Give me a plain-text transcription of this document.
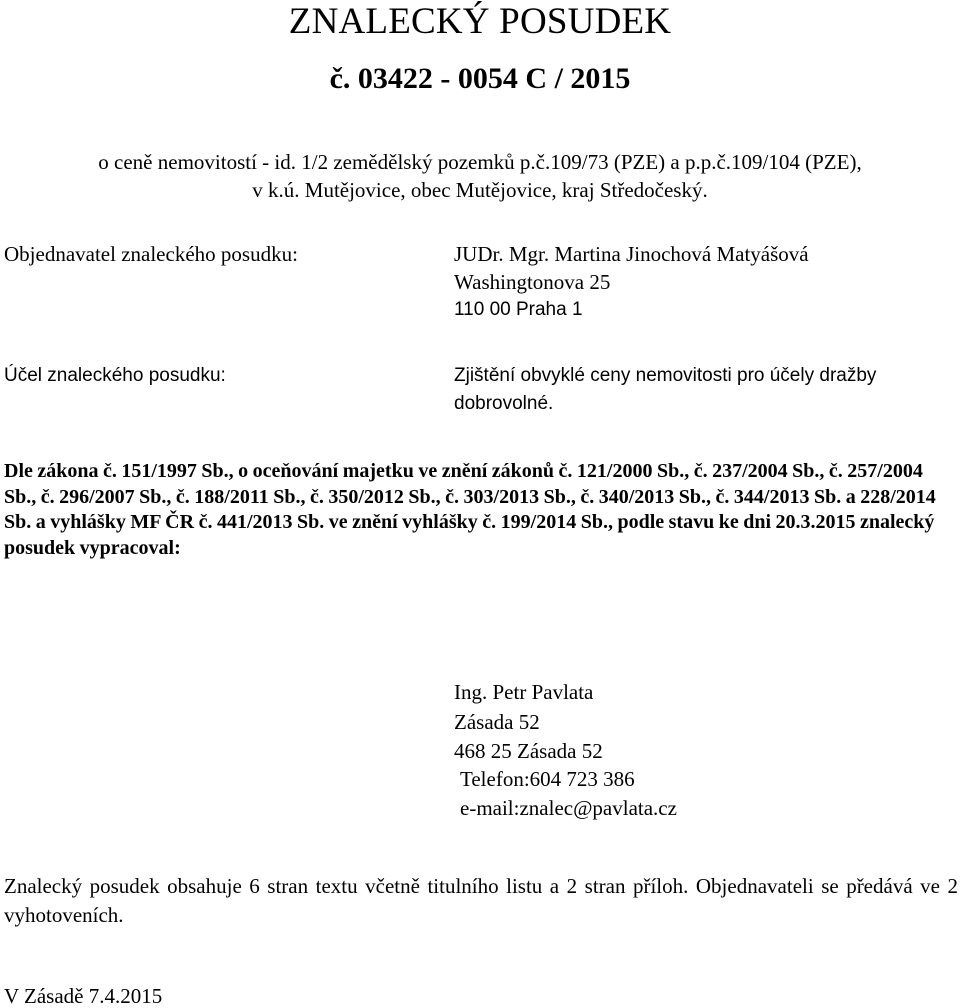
ZNALECKÝ POSUDEK
č. 03422 - 0054 C / 2015
o ceně nemovitostí - id. 1/2 zemědělský pozemků p.č.109/73 (PZE) a p.p.č.109/104 (PZE),
v k.ú. Mutějovice, obec Mutějovice, kraj Středočeský.
Objednavatel znaleckého posudku:	JUDr. Mgr. Martina Jinochová Matyášová
Washingtonova 25
110 00 Praha 1
Účel znaleckého posudku:	Zjištění obvyklé ceny nemovitosti pro účely dražby
dobrovolné.
Dle zákona č. 151/1997 Sb., o oceňování majetku ve znění zákonů č. 121/2000 Sb., č. 237/2004 Sb., č. 257/2004 Sb., č. 296/2007 Sb., č. 188/2011 Sb., č. 350/2012 Sb., č. 303/2013 Sb., č. 340/2013 Sb., č. 344/2013 Sb. a 228/2014 Sb. a vyhlášky MF ČR č. 441/2013 Sb. ve znění vyhlášky č. 199/2014 Sb., podle stavu ke dni 20.3.2015 znalecký posudek vypracoval:
Ing. Petr Pavlata
Zásada 52
468 25 Zásada 52
Telefon:604 723 386
e-mail:znalec@pavlata.cz
Znalecký posudek obsahuje 6 stran textu včetně titulního listu a 2 stran příloh. Objednavateli se předává ve 2 vyhotoveních.
V Zásadě 7.4.2015
